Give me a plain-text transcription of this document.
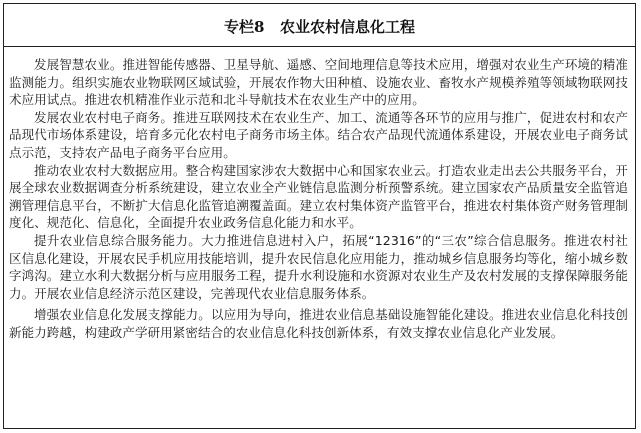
专栏8 农业农村信息化工程

发展智慧农业。推进智能传感器、卫星导航、遥感、空间地理信息等技术应用，增强对农业生产环境的精准监测能力。组织实施农业物联网区域试验，开展农作物大田种植、设施农业、畜牧水产规模养殖等领域物联网技术应用试点。推进农机精准作业示范和北斗导航技术在农业生产中的应用。

发展农业农村电子商务。推进互联网技术在农业生产、加工、流通等各环节的应用与推广，促进农村和农产品现代市场体系建设，培育多元化农村电子商务市场主体。结合农产品现代流通体系建设，开展农业电子商务试点示范，支持农产品电子商务平台应用。

推动农业农村大数据应用。整合构建国家涉农大数据中心和国家农业云。打造农业走出去公共服务平台，开展全球农业数据调查分析系统建设，建立农业全产业链信息监测分析预警系统。建立国家农产品质量安全监管追溯管理信息平台，不断扩大信息化监管追溯覆盖面。建立农村集体资产监管平台，推进农村集体资产财务管理制度化、规范化、信息化，全面提升农业政务信息化能力和水平。

提升农业信息综合服务能力。大力推进信息进村入户，拓展“12316”的“三农”综合信息服务。推进农村社区信息化建设，开展农民手机应用技能培训，提升农民信息化应用能力，推动城乡信息服务均等化，缩小城乡数字鸿沟。建立水利大数据分析与应用服务工程，提升水利设施和水资源对农业生产及农村发展的支撑保障服务能力。开展农业信息经济示范区建设，完善现代农业信息服务体系。

增强农业信息化发展支撑能力。以应用为导向，推进农业信息基础设施智能化建设。推进农业信息化科技创新能力跨越，构建政产学研用紧密结合的农业信息化科技创新体系，有效支撑农业信息化产业发展。
